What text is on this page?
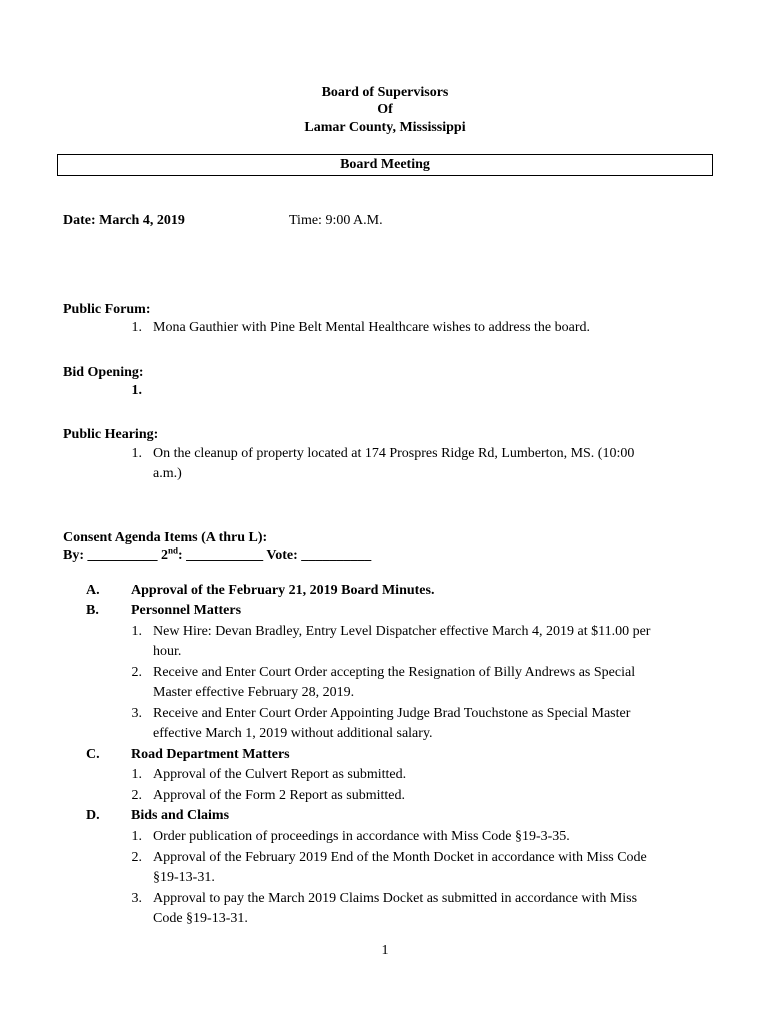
Board of Supervisors
Of
Lamar County, Mississippi
Board Meeting
Date: March 4, 2019	Time: 9:00 A.M.
Public Forum:
1. Mona Gauthier with Pine Belt Mental Healthcare wishes to address the board.
Bid Opening:
1.
Public Hearing:
1. On the cleanup of property located at 174 Prospres Ridge Rd, Lumberton, MS. (10:00
a.m.)
Consent Agenda Items (A thru L):
By: __________ 2nd: ___________ Vote: __________
A. Approval of the February 21, 2019 Board Minutes.
B. Personnel Matters
1. New Hire: Devan Bradley, Entry Level Dispatcher effective March 4, 2019 at $11.00 per
hour.
2. Receive and Enter Court Order accepting the Resignation of Billy Andrews as Special
Master effective February 28, 2019.
3. Receive and Enter Court Order Appointing Judge Brad Touchstone as Special Master
effective March 1, 2019 without additional salary.
C. Road Department Matters
1. Approval of the Culvert Report as submitted.
2. Approval of the Form 2 Report as submitted.
D. Bids and Claims
1. Order publication of proceedings in accordance with Miss Code §19-3-35.
2. Approval of the February 2019 End of the Month Docket in accordance with Miss Code
§19-13-31.
3. Approval to pay the March 2019 Claims Docket as submitted in accordance with Miss
Code §19-13-31.
1
